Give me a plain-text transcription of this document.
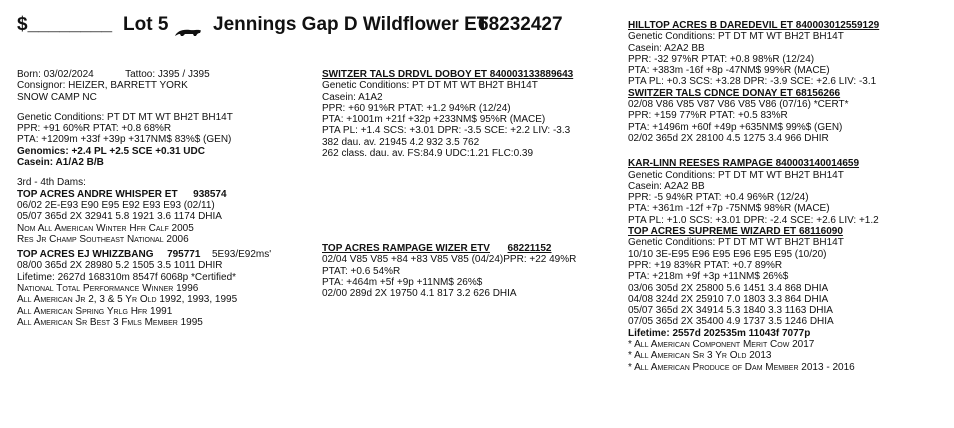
$________ Lot 5 Jennings Gap D Wildflower ET
68232427
Born: 03/02/2024	Tattoo: J395 / J395
Consignor: HEIZER, BARRETT YORK
SNOW CAMP NC
Genetic Conditions: PT DT MT WT BH2T BH14T
PPR: +91 60%R PTAT: +0.8 68%R
PTA: +1209m +33f +39p +317NM$ 83%$ (GEN)
Genomics: +2.4 PL +2.5 SCE +0.31 UDC
Casein: A1/A2 B/B
3rd - 4th Dams:
TOP ACRES ANDRE WHISPER ET 938574
06/02 2E-E93 E90 E95 E92 E93 E93 (02/11)
05/07 365d 2X 32941 5.8 1921 3.6 1174 DHIA
Nom All American Winter Hfr Calf 2005
Res Jr Champ Southeast National 2006
TOP ACRES EJ WHIZZBANG 795771 5E93/E92ms'
08/00 365d 2X 28980 5.2 1505 3.5 1011 DHIR
Lifetime: 2627d 168310m 8547f 6068p *Certified*
National Total Performance Winner 1996
All American Jr 2, 3 & 5 Yr Old 1992, 1993, 1995
All American Spring Yrlg Hfr 1991
All American Sr Best 3 Fmls Member 1995
SWITZER TALS DRDVL DOBOY ET 840003133889643
Genetic Conditions: PT DT MT WT BH2T BH14T
Casein: A1A2
PPR: +60 91%R PTAT: +1.2 94%R (12/24)
PTA: +1001m +21f +32p +233NM$ 95%R (MACE)
PTA PL: +1.4 SCS: +3.01 DPR: -3.5 SCE: +2.2 LIV: -3.3
382 dau. av. 21945 4.2 932 3.5 762
262 class. dau. av. FS:84.9 UDC:1.21 FLC:0.39
TOP ACRES RAMPAGE WIZER ETV 68221152
02/04 V85 V85 +84 +83 V85 V85 (04/24)PPR: +22 49%R
PTAT: +0.6 54%R
PTA: +464m +5f +9p +11NM$ 26%$
02/00 289d 2X 19750 4.1 817 3.2 626 DHIA
HILLTOP ACRES B DAREDEVIL ET 840003012559129
Genetic Conditions: PT DT MT WT BH2T BH14T
Casein: A2A2 BB
PPR: -32 97%R PTAT: +0.8 98%R (12/24)
PTA: +383m -16f +8p -47NM$ 99%R (MACE)
PTA PL: +0.3 SCS: +3.28 DPR: -3.9 SCE: +2.6 LIV: -3.1
SWITZER TALS CDNCE DONAY ET 68156266
02/08 V86 V85 V87 V86 V85 V86 (07/16) *CERT*
PPR: +159 77%R PTAT: +0.5 83%R
PTA: +1496m +60f +49p +635NM$ 99%$ (GEN)
02/02 365d 2X 28100 4.5 1275 3.4 966 DHIR
KAR-LINN REESES RAMPAGE 840003140014659
Genetic Conditions: PT DT MT WT BH2T BH14T
Casein: A2A2 BB
PPR: -5 94%R PTAT: +0.4 96%R (12/24)
PTA: +361m -12f +7p -75NM$ 98%R (MACE)
PTA PL: +1.0 SCS: +3.01 DPR: -2.4 SCE: +2.6 LIV: +1.2
TOP ACRES SUPREME WIZARD ET 68116090
Genetic Conditions: PT DT MT WT BH2T BH14T
10/10 3E-E95 E96 E95 E96 E95 E95 (10/20)
PPR: +19 83%R PTAT: +0.7 89%R
PTA: +218m +9f +3p +11NM$ 26%$
03/06 305d 2X 25800 5.6 1451 3.4 868 DHIA
04/08 324d 2X 25910 7.0 1803 3.3 864 DHIA
05/07 365d 2X 34914 5.3 1840 3.3 1163 DHIA
07/05 365d 2X 35400 4.9 1737 3.5 1246 DHIA
Lifetime: 2557d 202535m 11043f 7077p
* All American Component Merit Cow 2017
* All American Sr 3 Yr Old 2013
* All American Produce of Dam Member 2013 - 2016
